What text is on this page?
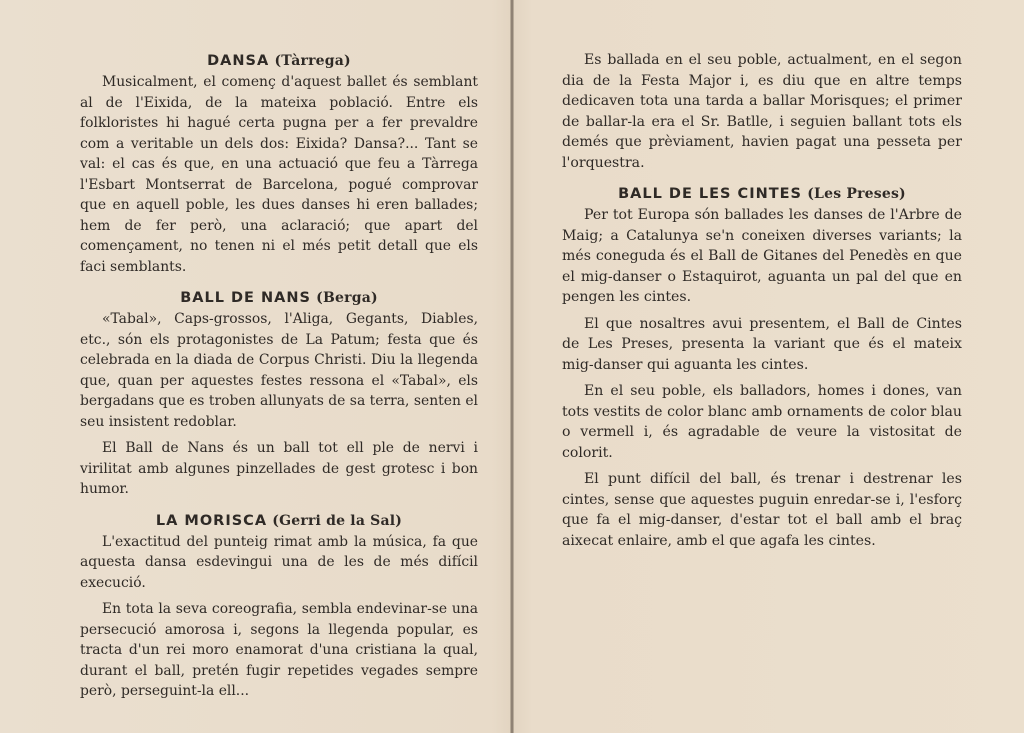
DANSA (Tàrrega)

Musicalment, el començ d'aquest ballet és semblant al de l'Eixida, de la mateixa població. Entre els folkloristes hi hagué certa pugna per a fer prevaldre com a veritable un dels dos: Eixida? Dansa?... Tant se val: el cas és que, en una actuació que feu a Tàrrega l'Esbart Montserrat de Barcelona, pogué comprovar que en aquell poble, les dues danses hi eren ballades; hem de fer però, una aclaració; que apart del començament, no tenen ni el més petit detall que els faci semblants.

BALL DE NANS (Berga)

«Tabal», Caps-grossos, l'Aliga, Gegants, Diables, etc., són els protagonistes de La Patum; festa que és celebrada en la diada de Corpus Christi. Diu la llegenda que, quan per aquestes festes ressona el «Tabal», els bergadans que es troben allunyats de sa terra, senten el seu insistent redoblar.

El Ball de Nans és un ball tot ell ple de nervi i virilitat amb algunes pinzellades de gest grotesc i bon humor.

LA MORISCA (Gerri de la Sal)

L'exactitud del punteig rimat amb la música, fa que aquesta dansa esdevingui una de les de més difícil execució.

En tota la seva coreografia, sembla endevinar-se una persecució amorosa i, segons la llegenda popular, es tracta d'un rei moro enamorat d'una cristiana la qual, durant el ball, pretén fugir repetides vegades sempre però, perseguint-la ell...

Es ballada en el seu poble, actualment, en el segon dia de la Festa Major i, es diu que en altre temps dedicaven tota una tarda a ballar Morisques; el primer de ballar-la era el Sr. Batlle, i seguien ballant tots els demés que prèviament, havien pagat una pesseta per l'orquestra.

BALL DE LES CINTES (Les Preses)

Per tot Europa són ballades les danses de l'Arbre de Maig; a Catalunya se'n coneixen diverses variants; la més coneguda és el Ball de Gitanes del Penedès en que el mig-danser o Estaquirot, aguanta un pal del que en pengen les cintes.

El que nosaltres avui presentem, el Ball de Cintes de Les Preses, presenta la variant que és el mateix mig-danser qui aguanta les cintes.

En el seu poble, els balladors, homes i dones, van tots vestits de color blanc amb ornaments de color blau o vermell i, és agradable de veure la vistositat de colorit.

El punt difícil del ball, és trenar i destrenar les cintes, sense que aquestes puguin enredar-se i, l'esforç que fa el mig-danser, d'estar tot el ball amb el braç aixecat enlaire, amb el que agafa les cintes.
